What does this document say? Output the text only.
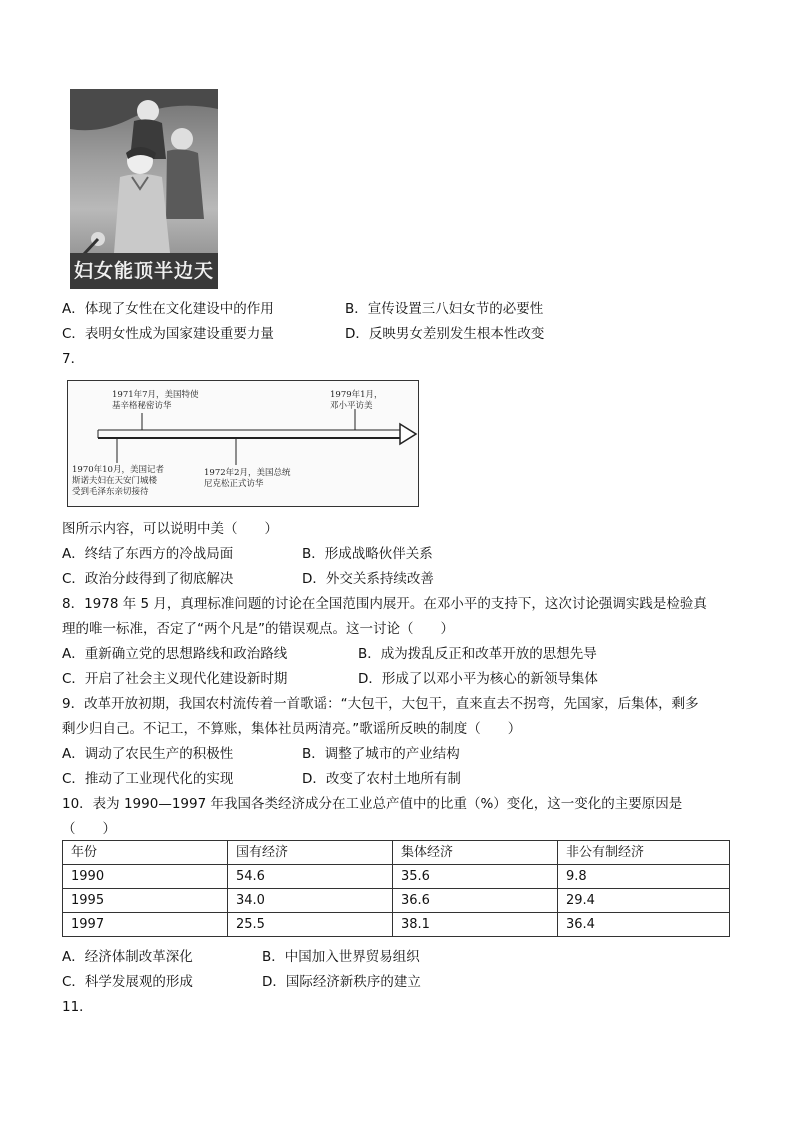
妇女能顶半边天
A．体现了女性在文化建设中的作用	B．宣传设置三八妇女节的必要性
C．表明女性成为国家建设重要力量	D．反映男女差别发生根本性改变
7．
1971年7月，美国特使
基辛格秘密访华
1979年1月，
邓小平访美
1970年10月，美国记者
斯诺夫妇在天安门城楼
受到毛泽东亲切接待
1972年2月，美国总统
尼克松正式访华
图所示内容，可以说明中美（　　）
A．终结了东西方的冷战局面	B．形成战略伙伴关系
C．政治分歧得到了彻底解决	D．外交关系持续改善
8．1978 年 5 月，真理标准问题的讨论在全国范围内展开。在邓小平的支持下，这次讨论强调实践是检验真
理的唯一标准，否定了“两个凡是”的错误观点。这一讨论（　　）
A．重新确立党的思想路线和政治路线	B．成为拨乱反正和改革开放的思想先导
C．开启了社会主义现代化建设新时期	D．形成了以邓小平为核心的新领导集体
9．改革开放初期，我国农村流传着一首歌谣：“大包干，大包干，直来直去不拐弯，先国家，后集体，剩多
剩少归自己。不记工，不算账，集体社员两清亮。”歌谣所反映的制度（　　）
A．调动了农民生产的积极性	B．调整了城市的产业结构
C．推动了工业现代化的实现	D．改变了农村土地所有制
10．表为 1990—1997 年我国各类经济成分在工业总产值中的比重（%）变化，这一变化的主要原因是
（　　）
年份	国有经济	集体经济	非公有制经济
1990	54.6	35.6	9.8
1995	34.0	36.6	29.4
1997	25.5	38.1	36.4
A．经济体制改革深化	B．中国加入世界贸易组织
C．科学发展观的形成	D．国际经济新秩序的建立
11．
